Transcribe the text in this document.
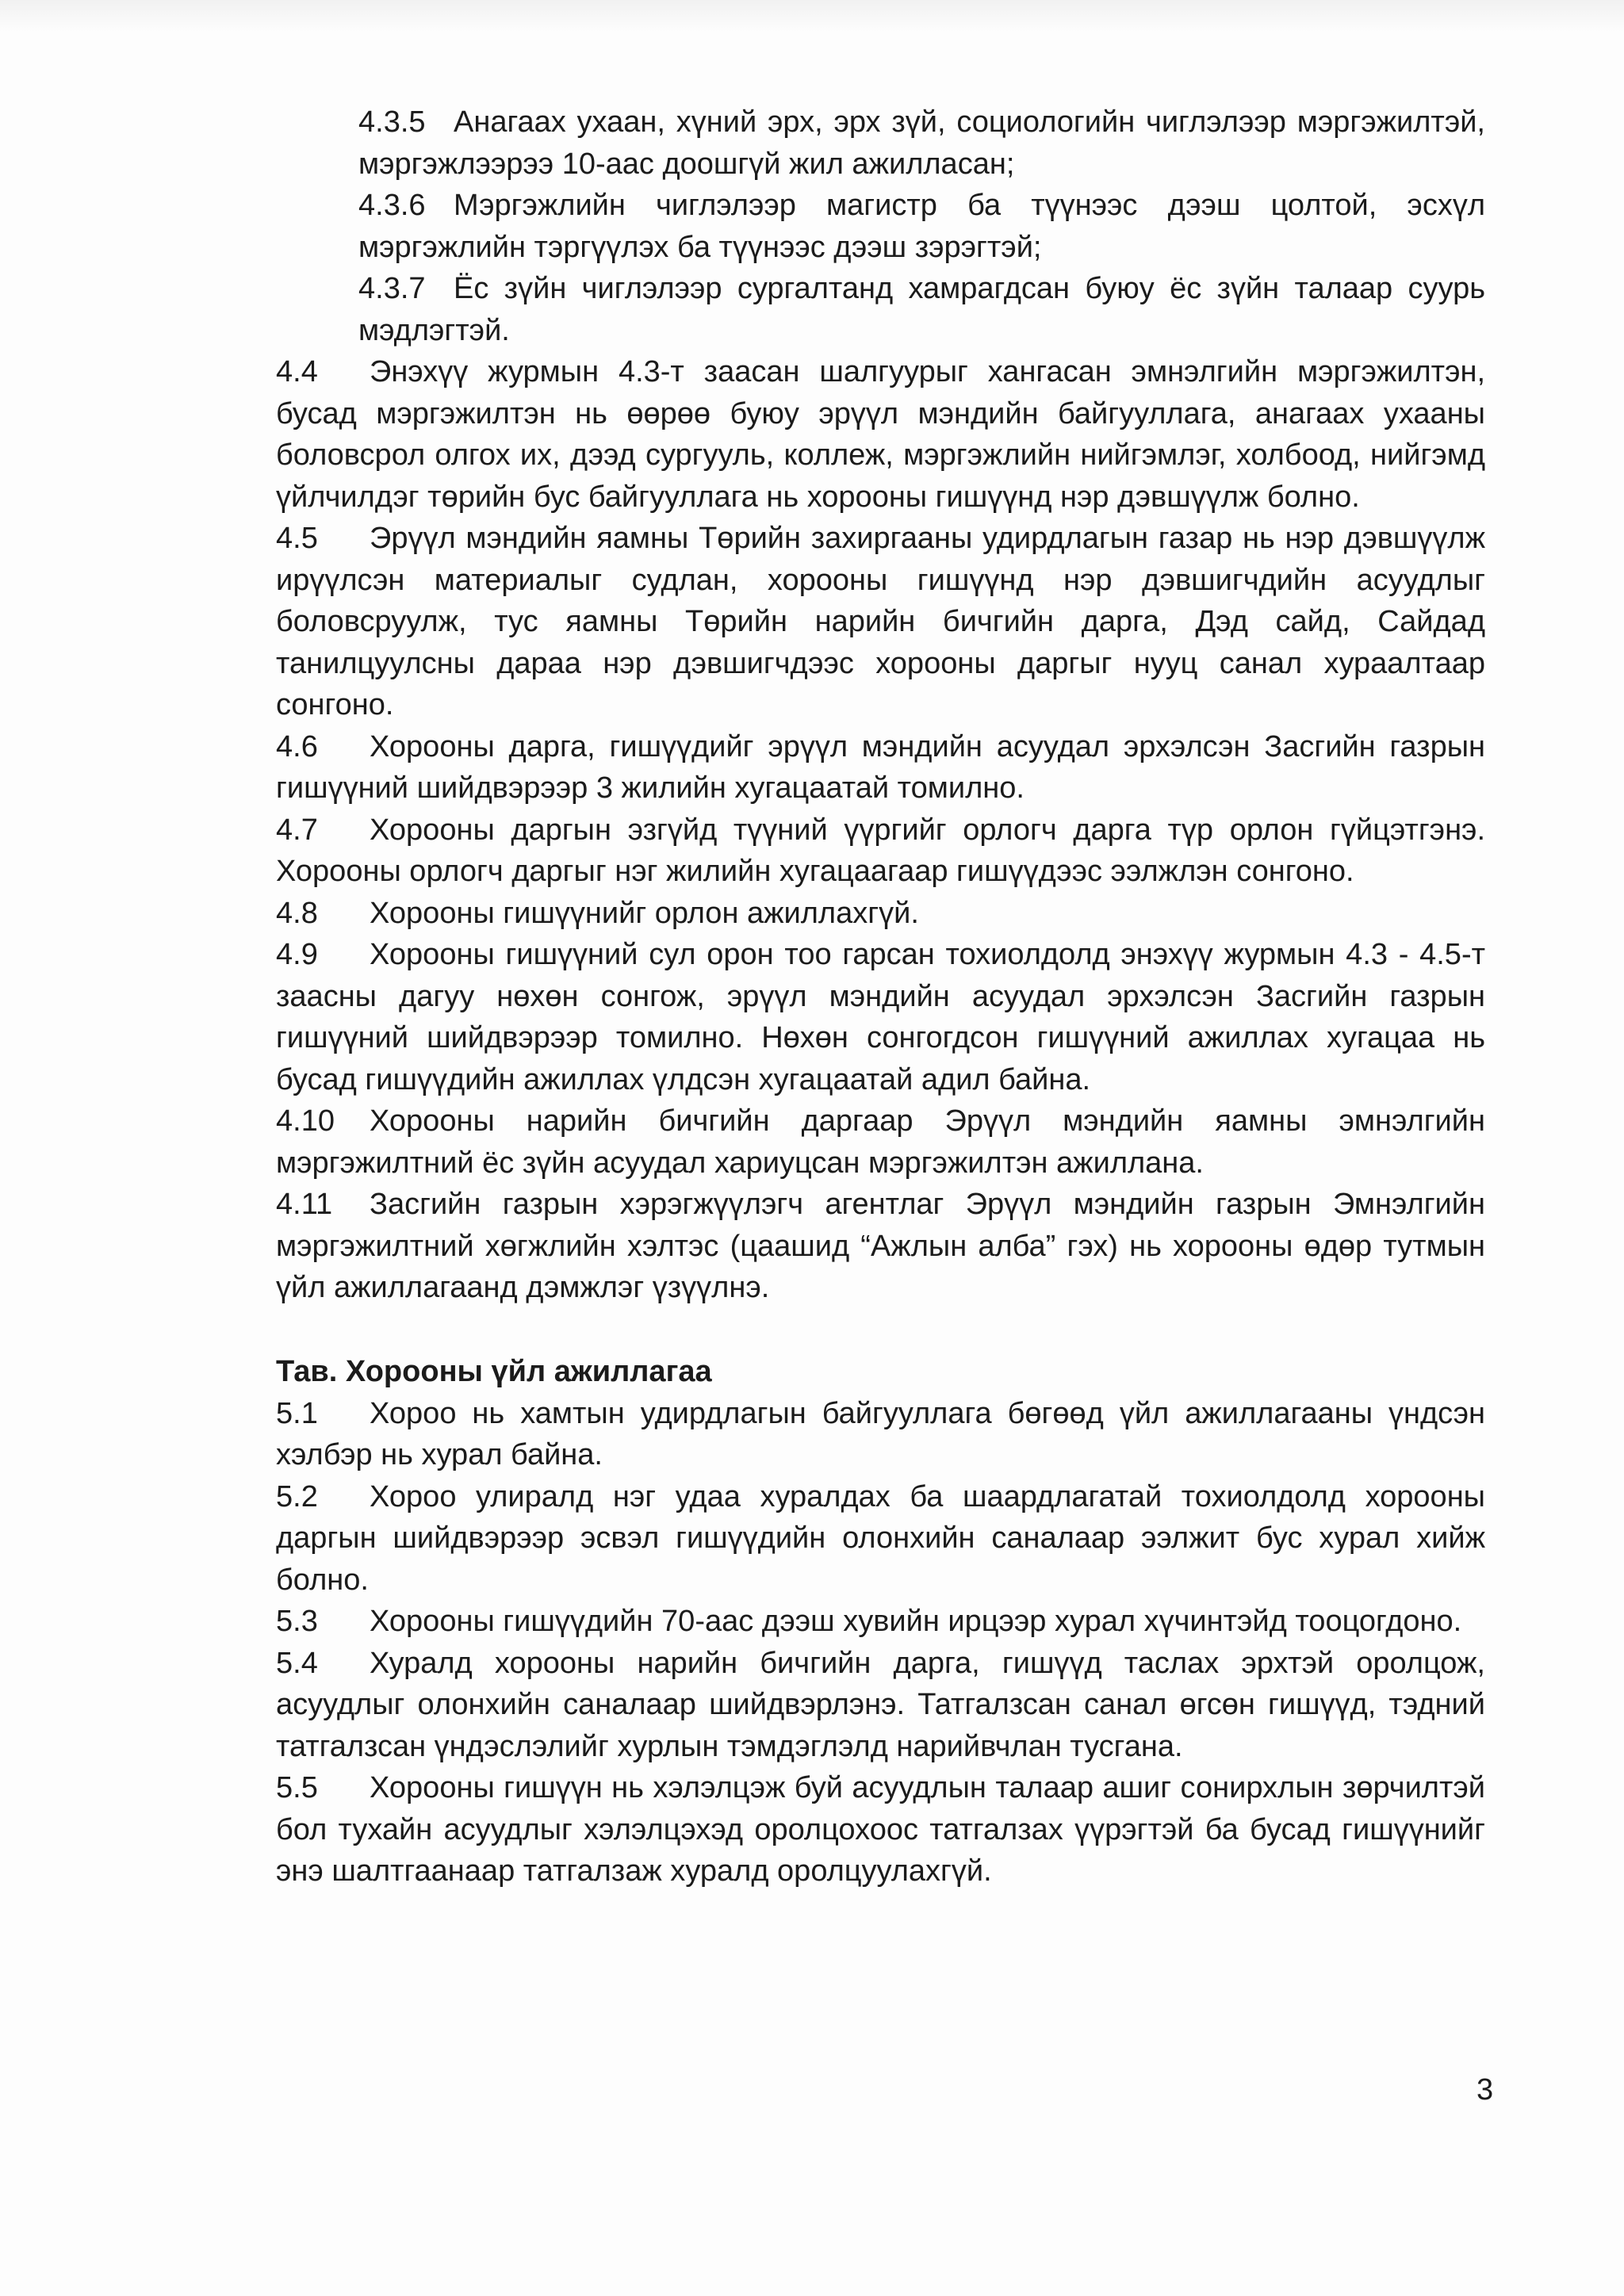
4.3.5 Анагаах ухаан, хүний эрх, эрх зүй, социологийн чиглэлээр мэргэжилтэй, мэргэжлээрээ 10-аас доошгүй жил ажилласан;

4.3.6 Мэргэжлийн чиглэлээр магистр ба түүнээс дээш цолтой, эсхүл мэргэжлийн тэргүүлэх ба түүнээс дээш зэрэгтэй;

4.3.7 Ёс зүйн чиглэлээр сургалтанд хамрагдсан буюу ёс зүйн талаар суурь мэдлэгтэй.

4.4 Энэхүү журмын 4.3-т заасан шалгуурыг хангасан эмнэлгийн мэргэжилтэн, бусад мэргэжилтэн нь өөрөө буюу эрүүл мэндийн байгууллага, анагаах ухааны боловсрол олгох их, дээд сургууль, коллеж, мэргэжлийн нийгэмлэг, холбоод, нийгэмд үйлчилдэг төрийн бус байгууллага нь хорооны гишүүнд нэр дэвшүүлж болно.

4.5 Эрүүл мэндийн яамны Төрийн захиргааны удирдлагын газар нь нэр дэвшүүлж ирүүлсэн материалыг судлан, хорооны гишүүнд нэр дэвшигчдийн асуудлыг боловсруулж, тус яамны Төрийн нарийн бичгийн дарга, Дэд сайд, Сайдад танилцуулсны дараа нэр дэвшигчдээс хорооны даргыг нууц санал хураалтаар сонгоно.

4.6 Хорооны дарга, гишүүдийг эрүүл мэндийн асуудал эрхэлсэн Засгийн газрын гишүүний шийдвэрээр 3 жилийн хугацаатай томилно.

4.7 Хорооны даргын эзгүйд түүний үүргийг орлогч дарга түр орлон гүйцэтгэнэ. Хорооны орлогч даргыг нэг жилийн хугацаагаар гишүүдээс ээлжлэн сонгоно.

4.8 Хорооны гишүүнийг орлон ажиллахгүй.

4.9 Хорооны гишүүний сул орон тоо гарсан тохиолдолд энэхүү журмын 4.3 - 4.5-т заасны дагуу нөхөн сонгож, эрүүл мэндийн асуудал эрхэлсэн Засгийн газрын гишүүний шийдвэрээр томилно. Нөхөн сонгогдсон гишүүний ажиллах хугацаа нь бусад гишүүдийн ажиллах үлдсэн хугацаатай адил байна.

4.10 Хорооны нарийн бичгийн даргаар Эрүүл мэндийн яамны эмнэлгийн мэргэжилтний ёс зүйн асуудал хариуцсан мэргэжилтэн ажиллана.

4.11 Засгийн газрын хэрэгжүүлэгч агентлаг Эрүүл мэндийн газрын Эмнэлгийн мэргэжилтний хөгжлийн хэлтэс (цаашид “Ажлын алба” гэх) нь хорооны өдөр тутмын үйл ажиллагаанд дэмжлэг үзүүлнэ.

Тав. Хорооны үйл ажиллагаа

5.1 Хороо нь хамтын удирдлагын байгууллага бөгөөд үйл ажиллагааны үндсэн хэлбэр нь хурал байна.

5.2 Хороо улиралд нэг удаа хуралдах ба шаардлагатай тохиолдолд хорооны даргын шийдвэрээр эсвэл гишүүдийн олонхийн саналаар ээлжит бус хурал хийж болно.

5.3 Хорооны гишүүдийн 70-аас дээш хувийн ирцээр хурал хүчинтэйд тооцогдоно.

5.4 Хуралд хорооны нарийн бичгийн дарга, гишүүд таслах эрхтэй оролцож, асуудлыг олонхийн саналаар шийдвэрлэнэ. Татгалзсан санал өгсөн гишүүд, тэдний татгалзсан үндэслэлийг хурлын тэмдэглэлд нарийвчлан тусгана.

5.5 Хорооны гишүүн нь хэлэлцэж буй асуудлын талаар ашиг сонирхлын зөрчилтэй бол тухайн асуудлыг хэлэлцэхэд оролцохоос татгалзах үүрэгтэй ба бусад гишүүнийг энэ шалтгаанаар татгалзаж хуралд оролцуулахгүй.

3
